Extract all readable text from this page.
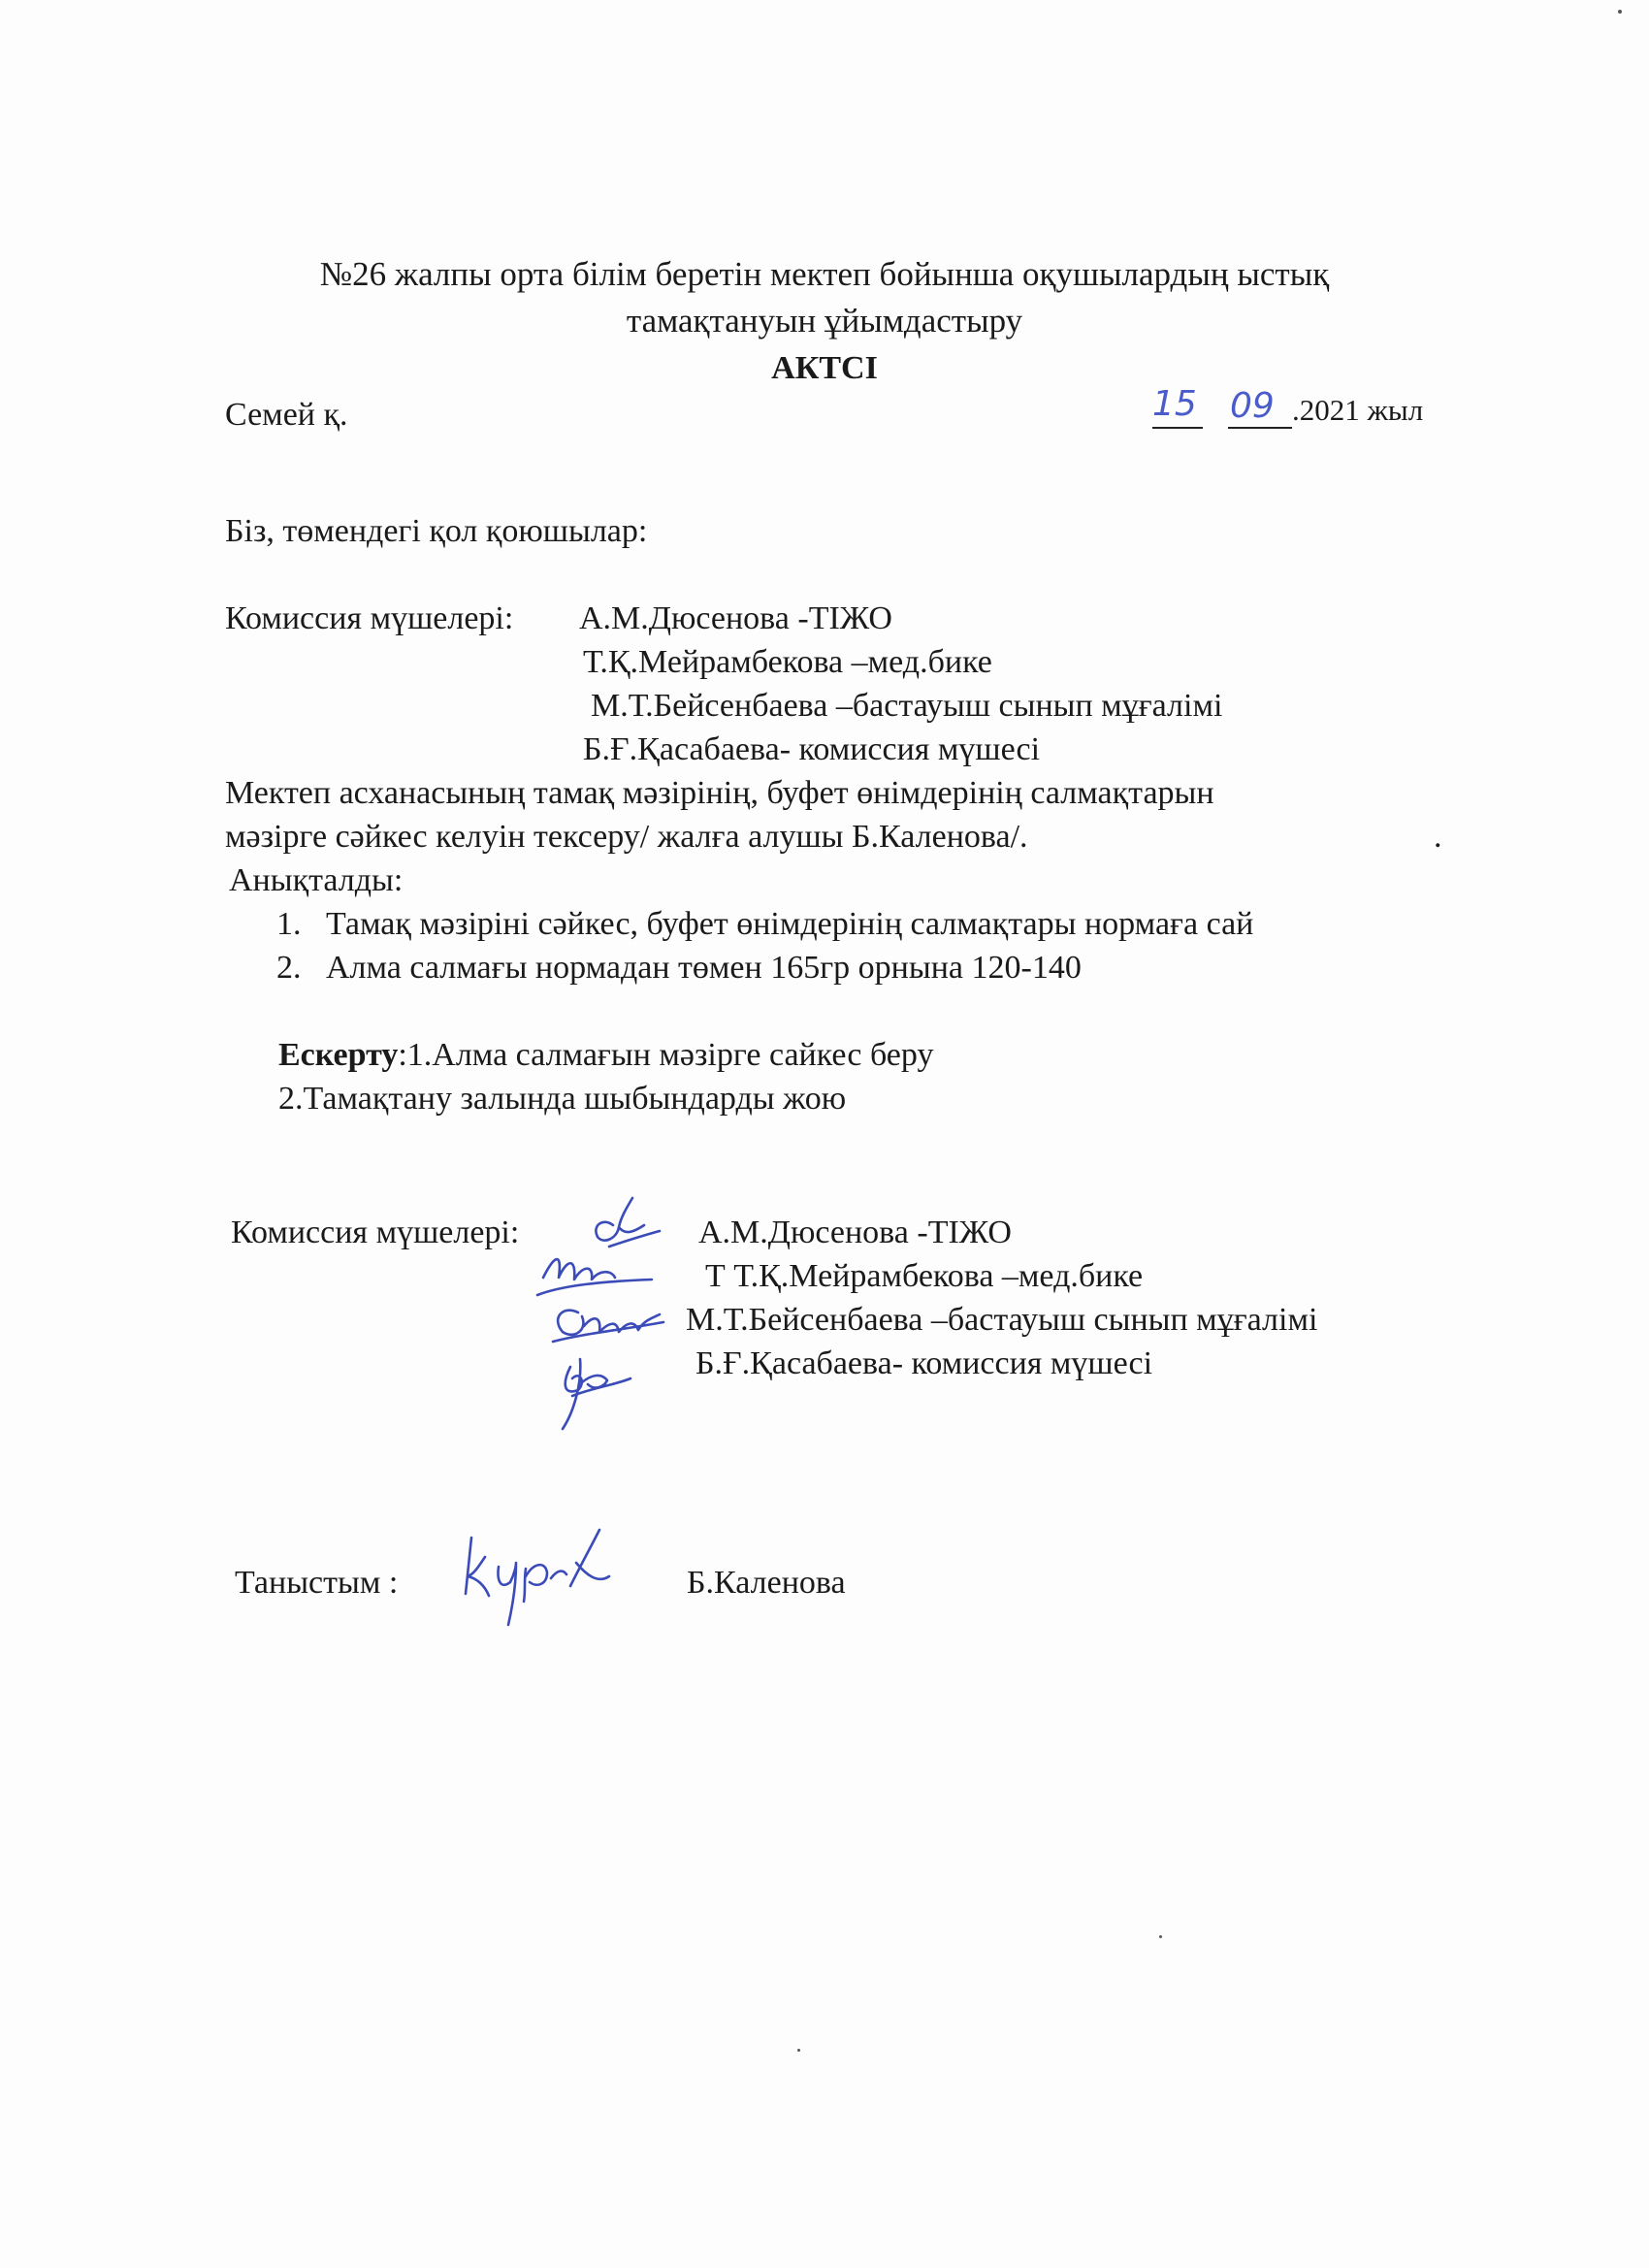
№26 жалпы орта білім беретін мектеп бойынша оқушылардың ыстық
тамақтануын ұйымдастыру
АКТСІ
Семей қ.	15 09 .2021 жыл
Біз, төмендегі қол қоюшылар:
Комиссия мүшелері: А.М.Дюсенова -ТІЖО
Т.Қ.Мейрамбекова –мед.бике
М.Т.Бейсенбаева –бастауыш сынып мұғалімі
Б.Ғ.Қасабаева- комиссия мүшесі
Мектеп асханасының тамақ мәзірінің, буфет өнімдерінің салмақтарын
мәзірге сәйкес келуін тексеру/ жалға алушы Б.Каленова/.	.
Анықталды:
1. Тамақ мәзіріні сәйкес, буфет өнімдерінің салмақтары нормаға сай
2. Алма салмағы нормадан төмен 165гр орнына 120-140
Ескерту:1.Алма салмағын мәзірге сайкес беру
2.Тамақтану залында шыбындарды жою
Комиссия мүшелері:	А.М.Дюсенова -ТІЖО
Т Т.Қ.Мейрамбекова –мед.бике
М.Т.Бейсенбаева –бастауыш сынып мұғалімі
Б.Ғ.Қасабаева- комиссия мүшесі
Таныстым :	Б.Каленова
